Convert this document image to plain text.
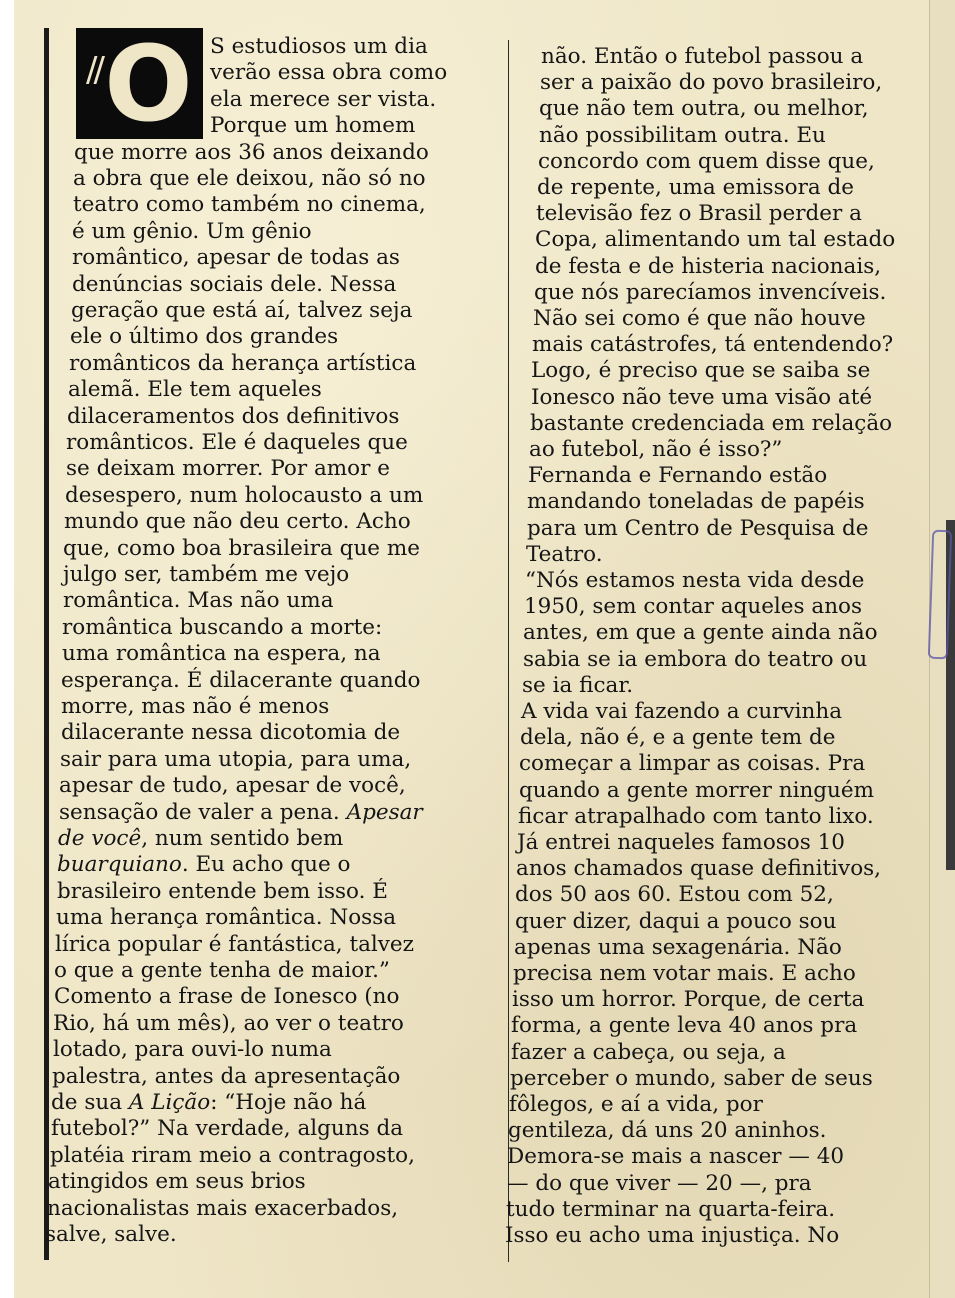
// O S estudiosos um dia
verão essa obra como
ela merece ser vista.
Porque um homem
que morre aos 36 anos deixando
a obra que ele deixou, não só no
teatro como também no cinema,
é um gênio. Um gênio
romântico, apesar de todas as
denúncias sociais dele. Nessa
geração que está aí, talvez seja
ele o último dos grandes
românticos da herança artística
alemã. Ele tem aqueles
dilaceramentos dos definitivos
românticos. Ele é daqueles que
se deixam morrer. Por amor e
desespero, num holocausto a um
mundo que não deu certo. Acho
que, como boa brasileira que me
julgo ser, também me vejo
romântica. Mas não uma
romântica buscando a morte:
uma romântica na espera, na
esperança. É dilacerante quando
morre, mas não é menos
dilacerante nessa dicotomia de
sair para uma utopia, para uma,
apesar de tudo, apesar de você,
sensação de valer a pena. Apesar
de você, num sentido bem
buarquiano. Eu acho que o
brasileiro entende bem isso. É
uma herança romântica. Nossa
lírica popular é fantástica, talvez
o que a gente tenha de maior.”
Comento a frase de Ionesco (no
Rio, há um mês), ao ver o teatro
lotado, para ouvi-lo numa
palestra, antes da apresentação
de sua A Lição: “Hoje não há
futebol?” Na verdade, alguns da
platéia riram meio a contragosto,
atingidos em seus brios
nacionalistas mais exacerbados,
salve, salve.
não. Então o futebol passou a
ser a paixão do povo brasileiro,
que não tem outra, ou melhor,
não possibilitam outra. Eu
concordo com quem disse que,
de repente, uma emissora de
televisão fez o Brasil perder a
Copa, alimentando um tal estado
de festa e de histeria nacionais,
que nós parecíamos invencíveis.
Não sei como é que não houve
mais catástrofes, tá entendendo?
Logo, é preciso que se saiba se
Ionesco não teve uma visão até
bastante credenciada em relação
ao futebol, não é isso?”
Fernanda e Fernando estão
mandando toneladas de papéis
para um Centro de Pesquisa de
Teatro.
“Nós estamos nesta vida desde
1950, sem contar aqueles anos
antes, em que a gente ainda não
sabia se ia embora do teatro ou
se ia ficar.
A vida vai fazendo a curvinha
dela, não é, e a gente tem de
começar a limpar as coisas. Pra
quando a gente morrer ninguém
ficar atrapalhado com tanto lixo.
Já entrei naqueles famosos 10
anos chamados quase definitivos,
dos 50 aos 60. Estou com 52,
quer dizer, daqui a pouco sou
apenas uma sexagenária. Não
precisa nem votar mais. E acho
isso um horror. Porque, de certa
forma, a gente leva 40 anos pra
fazer a cabeça, ou seja, a
perceber o mundo, saber de seus
fôlegos, e aí a vida, por
gentileza, dá uns 20 aninhos.
Demora-se mais a nascer — 40
— do que viver — 20 —, pra
tudo terminar na quarta-feira.
Isso eu acho uma injustiça. No
